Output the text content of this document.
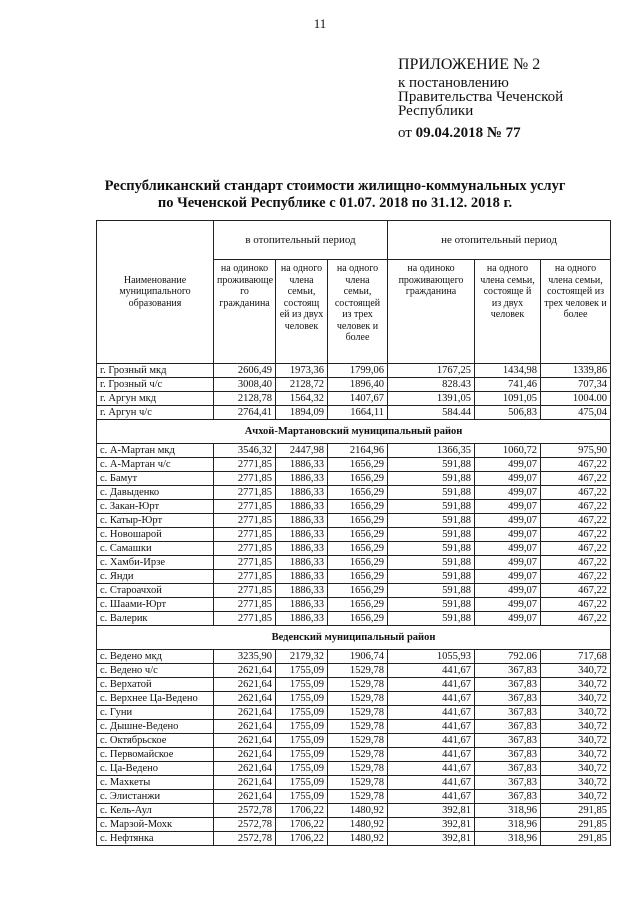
11
ПРИЛОЖЕНИЕ № 2
к постановлению
Правительства Чеченской
Республики
от 09.04.2018 № 77
Республиканский стандарт стоимости жилищно-коммунальных услуг
по Чеченской Республике с 01.07. 2018 по 31.12. 2018 г.
Наименование муниципального образования	в отопительный период			не отопительный период		
	на одиноко проживающе го гражданина	на одного члена семьи, состоящ ей из двух человек	на одного члена семьи, состоящей из трех человек и более	на одиноко проживающего гражданина	на одного члена семьи, состояще й из двух человек	на одного члена семьи, состоящей из трех человек и более
г. Грозный мкд	2606,49	1973,36	1799,06	1767,25	1434,98	1339,86
г. Грозный ч/с	3008,40	2128,72	1896,40	828.43	741,46	707,34
г. Аргун мкд	2128,78	1564,32	1407,67	1391,05	1091,05	1004.00
г. Аргун ч/с	2764,41	1894,09	1664,11	584.44	506,83	475,04
Ачхой-Мартановский муниципальный район						
с. А-Мартан мкд	3546,32	2447,98	2164,96	1366,35	1060,72	975,90
с. А-Мартан ч/с	2771,85	1886,33	1656,29	591,88	499,07	467,22
с. Бамут	2771,85	1886,33	1656,29	591,88	499,07	467,22
с. Давыденко	2771,85	1886,33	1656,29	591,88	499,07	467,22
с. Закан-Юрт	2771,85	1886,33	1656,29	591,88	499,07	467,22
с. Катыр-Юрт	2771,85	1886,33	1656,29	591,88	499,07	467,22
с. Новошарой	2771,85	1886,33	1656,29	591,88	499,07	467,22
с. Самашки	2771,85	1886,33	1656,29	591,88	499,07	467,22
с. Хамби-Ирзе	2771,85	1886,33	1656,29	591,88	499,07	467,22
с. Янди	2771,85	1886,33	1656,29	591,88	499,07	467,22
с. Староачхой	2771,85	1886,33	1656,29	591,88	499,07	467,22
с. Шаами-Юрт	2771,85	1886,33	1656,29	591,88	499,07	467,22
с. Валерик	2771,85	1886,33	1656,29	591,88	499,07	467,22
Веденский муниципальный район						
с. Ведено мкд	3235,90	2179,32	1906,74	1055,93	792.06	717,68
с. Ведено ч/с	2621,64	1755,09	1529,78	441,67	367,83	340,72
с. Верхатой	2621,64	1755,09	1529,78	441,67	367,83	340,72
с. Верхнее Ца-Ведено	2621,64	1755,09	1529,78	441,67	367,83	340,72
с. Гуни	2621,64	1755,09	1529,78	441,67	367,83	340,72
с. Дышне-Ведено	2621,64	1755,09	1529,78	441,67	367,83	340,72
с. Октябрьское	2621,64	1755,09	1529,78	441,67	367,83	340,72
с. Первомайское	2621,64	1755,09	1529,78	441,67	367,83	340,72
с. Ца-Ведено	2621,64	1755,09	1529,78	441,67	367,83	340,72
с. Махкеты	2621,64	1755,09	1529,78	441,67	367,83	340,72
с. Элистанжи	2621,64	1755,09	1529,78	441,67	367,83	340,72
с. Кель-Аул	2572,78	1706,22	1480,92	392,81	318,96	291,85
с. Марзой-Мохк	2572,78	1706,22	1480,92	392,81	318,96	291,85
с. Нефтянка	2572,78	1706,22	1480,92	392,81	318,96	291,85
